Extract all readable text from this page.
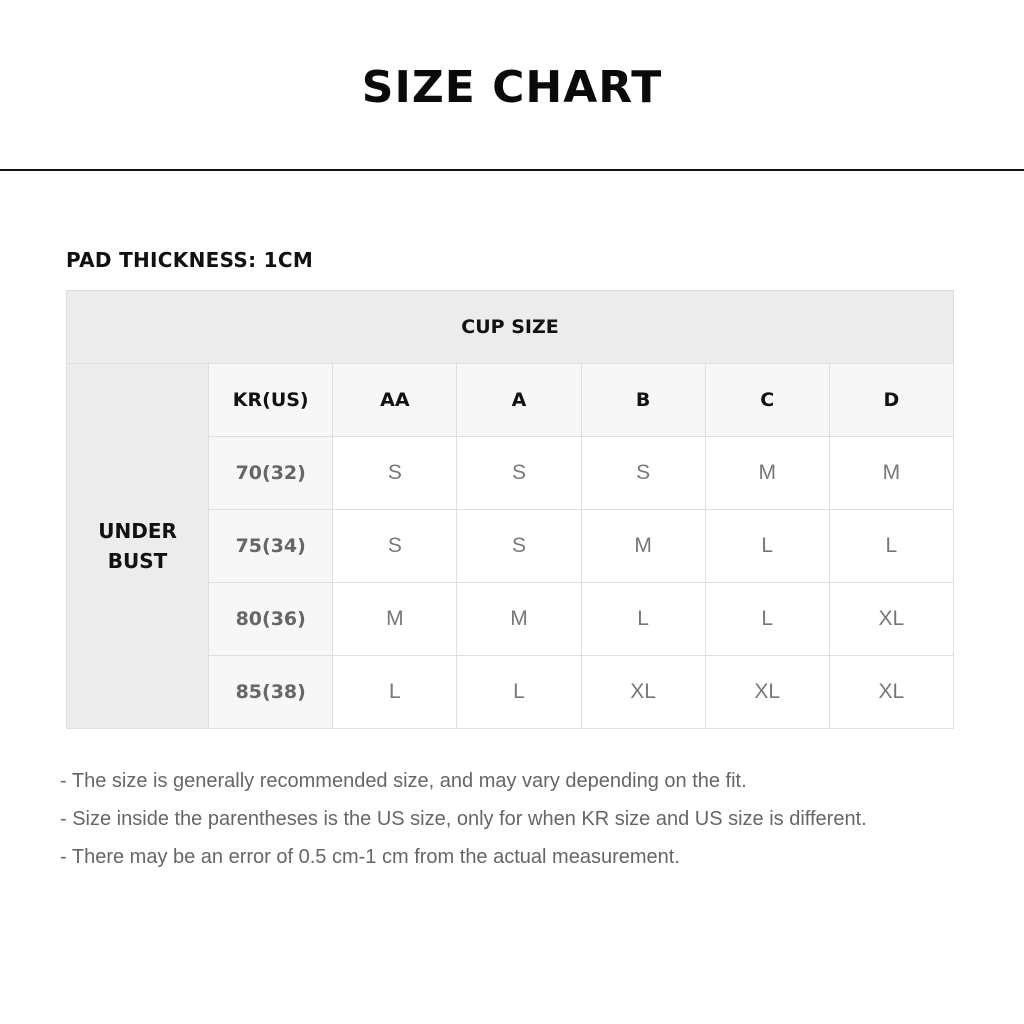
SIZE CHART
PAD THICKNESS: 1CM
CUP SIZE						

UNDER
BUST	KR(US)	AA	A	B	C	D
	70(32)	S	S	S	M	M
	75(34)	S	S	M	L	L
	80(36)	M	M	L	L	XL
	85(38)	L	L	XL	XL	XL
- The size is generally recommended size, and may vary depending on the fit.
- Size inside the parentheses is the US size, only for when KR size and US size is different.
- There may be an error of 0.5 cm-1 cm from the actual measurement.
